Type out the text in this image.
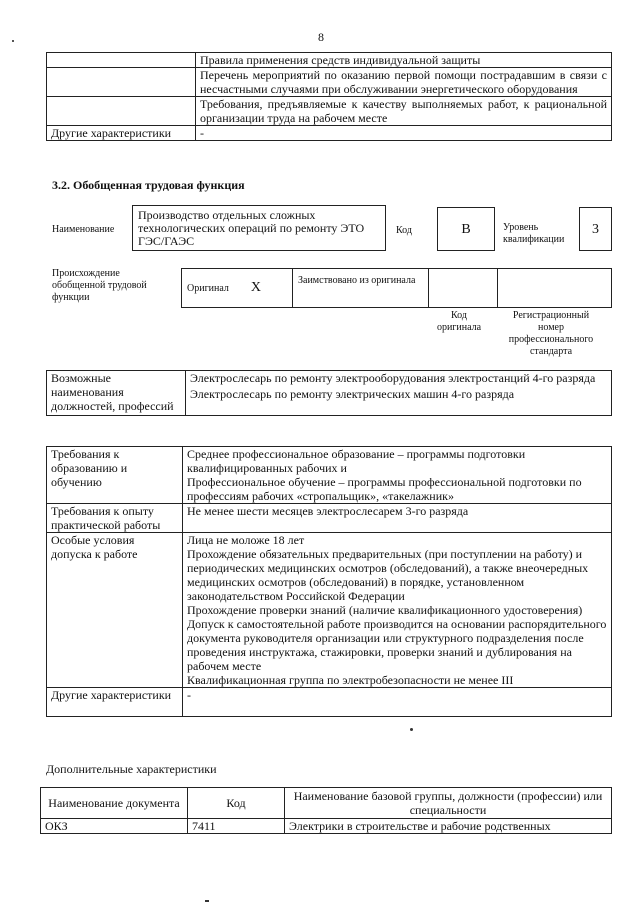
8
	Правила применения средств индивидуальной защиты
	Перечень мероприятий по оказанию первой помощи пострадавшим в связи с несчастными случаями при обслуживании энергетического оборудования
	Требования, предъявляемые к качеству выполняемых работ, к рациональной организации труда на рабочем месте
Другие характеристики	-
3.2. Обобщенная трудовая функция
Наименование
Производство отдельных сложных технологических операций по ремонту ЭТО ГЭС/ГАЭС
Код	B	Уровень квалификации
3
Происхождение обобщенной трудовой функции
Оригинал X	Заимствовано из оригинала

Код оригинала
Регистрационный номер профессионального стандарта
Возможные наименования должностей, профессий	
Электрослесарь по ремонту электрооборудования электростанций 4-го разряда
Электрослесарь по ремонту электрических машин 4-го разряда
Требования к образованию и обучению	Среднее профессиональное образование – программы подготовки квалифицированных рабочих и
Профессиональное обучение – программы профессиональной подготовки по профессиям рабочих «стропальщик», «такелажник»

Требования к опыту практической работы	Не менее шести месяцев электрослесарем 3-го разряда

Особые условия допуска к работе	Лица не моложе 18 лет
Прохождение обязательных предварительных (при поступлении на работу) и периодических медицинских осмотров (обследований), а также внеочередных медицинских осмотров (обследований) в порядке, установленном законодательством Российской Федерации
Прохождение проверки знаний (наличие квалификационного удостоверения)
Допуск к самостоятельной работе производится на основании распорядительного документа руководителя организации или структурного подразделения после проведения инструктажа, стажировки, проверки знаний и дублирования на рабочем месте
Квалификационная группа по электробезопасности не менее III

Другие характеристики	-
Дополнительные характеристики
Наименование документа	Код	Наименование базовой группы, должности (профессии) или специальности
ОКЗ	7411	Электрики в строительстве и рабочие родственных
